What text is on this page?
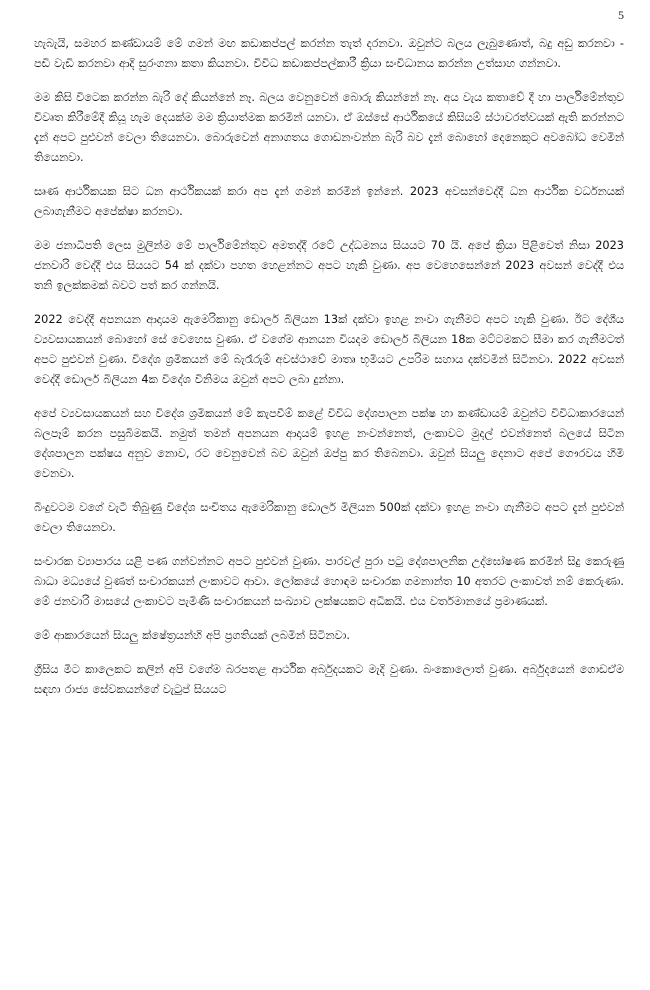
5

හැබැයි, සමහර කණ්ඩායම් මේ ගමන් මඟ කඩාකප්පල් කරන්න තැත් දරනවා. ඔවුන්ට බලය ලැබුණොත්, බදු අඩු කරනවා - පඩි වැඩි කරනවා ආදි සුරංගනා කතා කියනවා. විවිධ කඩාකප්පල්කාරී ක්‍රියා සංවිධානය කරන්න උත්සාහ ගන්නවා.

මම කිසි විටෙක කරන්න බැරි දේ කියන්නේ නෑ. බලය වෙනුවෙන් බොරු කියන්නේ නෑ. අය වැය කතාවේ දී හා පාර්ලිමේන්තුව විවෘත කිරීමේදී කියූ හැම දෙයක්ම මම ක්‍රියාත්මක කරමින් යනවා. ඒ ඔස්සේ ආර්ථිකයේ කිසියම් ස්ථාවරත්වයක් ඇති කරන්නට දැන් අපට පුළුවන් වෙලා තියෙනවා. බොරුවෙන් අනාගතය ගොඩනංවන්න බැරි බව දැන් බොහෝ දෙනෙකුට අවබෝධ වෙමින් තියෙනවා.

සෘණ ආර්ථිකයක සිට ධන ආර්ථිකයක් කරා අප දැන් ගමන් කරමින් ඉන්නේ. 2023 අවසන්වෙද්දී ධන ආර්ථික වර්ධනයක් ලබාගැනීමට අපේක්ෂා කරනවා.

මම ජනාධිපති ලෙස මුලින්ම මේ පාර්ලිමේන්තුව අමතද්දී රටේ උද්ධමනය සියයට 70 යි. අපේ ක්‍රියා පිළිවෙත් නිසා 2023 ජනවාරි වෙද්දී එය සියයට 54 ක් දක්වා පහත හෙළන්නට අපට හැකි වුණා. අප වෙහෙසෙන්නේ 2023 අවසන් වෙද්දී එය තනි ඉලක්කමක් බවට පත් කර ගන්නයි.

2022 වෙද්දී අපනයන ආදායම ඇමෙරිකානු ඩොලර් බිලියන 13ක් දක්වා ඉහළ නංවා ගැනීමට අපට හැකි වුණා. ඊට දේශීය ව්‍යවසායකයන් බොහෝ සේ වෙහෙස වුණා. ඒ වගේම ආනයන වියදම ඩොලර් බිලියන 18ක මට්ටමකට සීමා කර ගැනීමටත් අපට පුළුවන් වුණා. විදේශ ශ්‍රමිකයන් මේ බැරෑරුම් අවස්ථාවේ මාතෘ භූමියට උපරිම සහාය දක්වමින් සිටිනවා. 2022 අවසන් වෙද්දී ඩොලර් බිලියන 4ක විදේශ විනිමය ඔවුන් අපට ලබා දුන්නා.

අපේ ව්‍යවසායකයන් සහ විදේශ ශ්‍රමිකයන් මේ කැපවීම් කළේ විවිධ දේශපාලන පක්ෂ හා කණ්ඩායම් ඔවුන්ට විවිධාකාරයෙන් බලපෑම් කරන පසුබිමකයි. නමුත් තමන් අපනයන ආදායම් ඉහළ නංවන්නෙත්, ලංකාවට මුදල් එවන්නෙත් බලයේ සිටින දේශපාලන පක්ෂය අනුව නොව, රට වෙනුවෙන් බව ඔවුන් ඔප්පු කර තිබෙනවා. ඔවුන් සියලු දෙනාට අපේ ගෞරවය හිමි වෙනවා.

බිංදුවටම වගේ වැටී තිබුණු විදේශ සංචිතය ඇමෙරිකානු ඩොලර් මිලියන 500ක් දක්වා ඉහළ නංවා ගැනීමට අපට දැන් පුළුවන් වෙලා තියෙනවා.

සංචාරක ව්‍යාපාරය යළි පණ ගන්වන්නට අපට පුළුවන් වුණා. පාරවල් පුරා පටු දේශපාලනික උද්ඝෝෂණ කරමින් සිදු කෙරුණු බාධා මධ්‍යයේ වුණත් සංචාරකයන් ලංකාවට ආවා. ලෝකයේ හොඳම සංචාරක ගමනාන්ත 10 අතරට ලංකාවත් නම් කෙරුණා. මේ ජනවාරි මාසයේ ලංකාවට පැමිණි සංචාරකයන් සංඛ්‍යාව ලක්ෂයකට අධිකයි. එය වර්තමානයේ ප්‍රමාණයක්.

මේ ආකාරයෙන් සියලු ක්ෂේත්‍රයන්හි අපි ප්‍රගතියක් ලබමින් සිටිනවා.

ග්‍රීසිය මීට කාලෙකට කලින් අපි වගේම බරපතළ ආර්ථික අර්බුදයකට මැදි වුණා. බංකොලොත් වුණා. අර්බුදයෙන් ගොඩඒම සඳහා රාජ්‍ය සේවකයන්ගේ වැටුප් සියයට
